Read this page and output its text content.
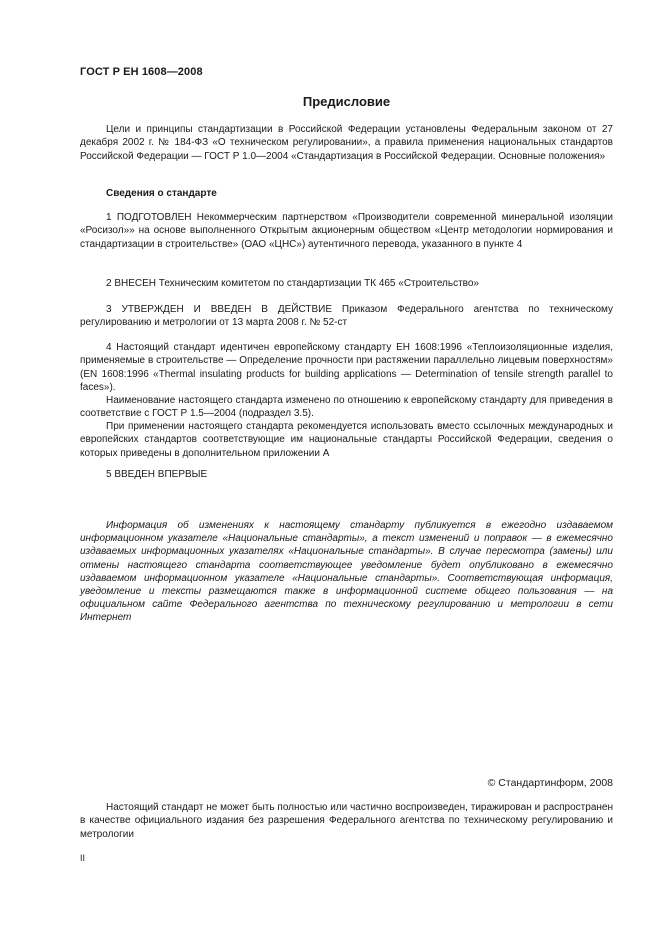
ГОСТ Р ЕН 1608—2008
Предисловие

Цели и принципы стандартизации в Российской Федерации установлены Федеральным законом от 27 декабря 2002 г. № 184-ФЗ «О техническом регулировании», а правила применения национальных стандартов Российской Федерации — ГОСТ Р 1.0—2004 «Стандартизация в Российской Федерации. Основные положения»

Сведения о стандарте

1 ПОДГОТОВЛЕН Некоммерческим партнерством «Производители современной минеральной изоляции «Росизол»» на основе выполненного Открытым акционерным обществом «Центр методологии нормирования и стандартизации в строительстве» (ОАО «ЦНС») аутентичного перевода, указанного в пункте 4

2 ВНЕСЕН Техническим комитетом по стандартизации ТК 465 «Строительство»

3 УТВЕРЖДЕН И ВВЕДЕН В ДЕЙСТВИЕ Приказом Федерального агентства по техническому регулированию и метрологии от 13 марта 2008 г. № 52-ст

4 Настоящий стандарт идентичен европейскому стандарту ЕН 1608:1996 «Теплоизоляционные изделия, применяемые в строительстве — Определение прочности при растяжении параллельно лицевым поверхностям» (EN 1608:1996 «Thermal insulating products for building applications — Determination of tensile strength parallel to faces»).

Наименование настоящего стандарта изменено по отношению к европейскому стандарту для приведения в соответствие с ГОСТ Р 1.5—2004 (подраздел 3.5).

При применении настоящего стандарта рекомендуется использовать вместо ссылочных международных и европейских стандартов соответствующие им национальные стандарты Российской Федерации, сведения о которых приведены в дополнительном приложении А

5 ВВЕДЕН ВПЕРВЫЕ

Информация об изменениях к настоящему стандарту публикуется в ежегодно издаваемом информационном указателе «Национальные стандарты», а текст изменений и поправок — в ежемесячно издаваемых информационных указателях «Национальные стандарты». В случае пересмотра (замены) или отмены настоящего стандарта соответствующее уведомление будет опубликовано в ежемесячно издаваемом информационном указателе «Национальные стандарты». Соответствующая информация, уведомление и тексты размещаются также в информационной системе общего пользования — на официальном сайте Федерального агентства по техническому регулированию и метрологии в сети Интернет

© Стандартинформ, 2008

Настоящий стандарт не может быть полностью или частично воспроизведен, тиражирован и распространен в качестве официального издания без разрешения Федерального агентства по техническому регулированию и метрологии

II
